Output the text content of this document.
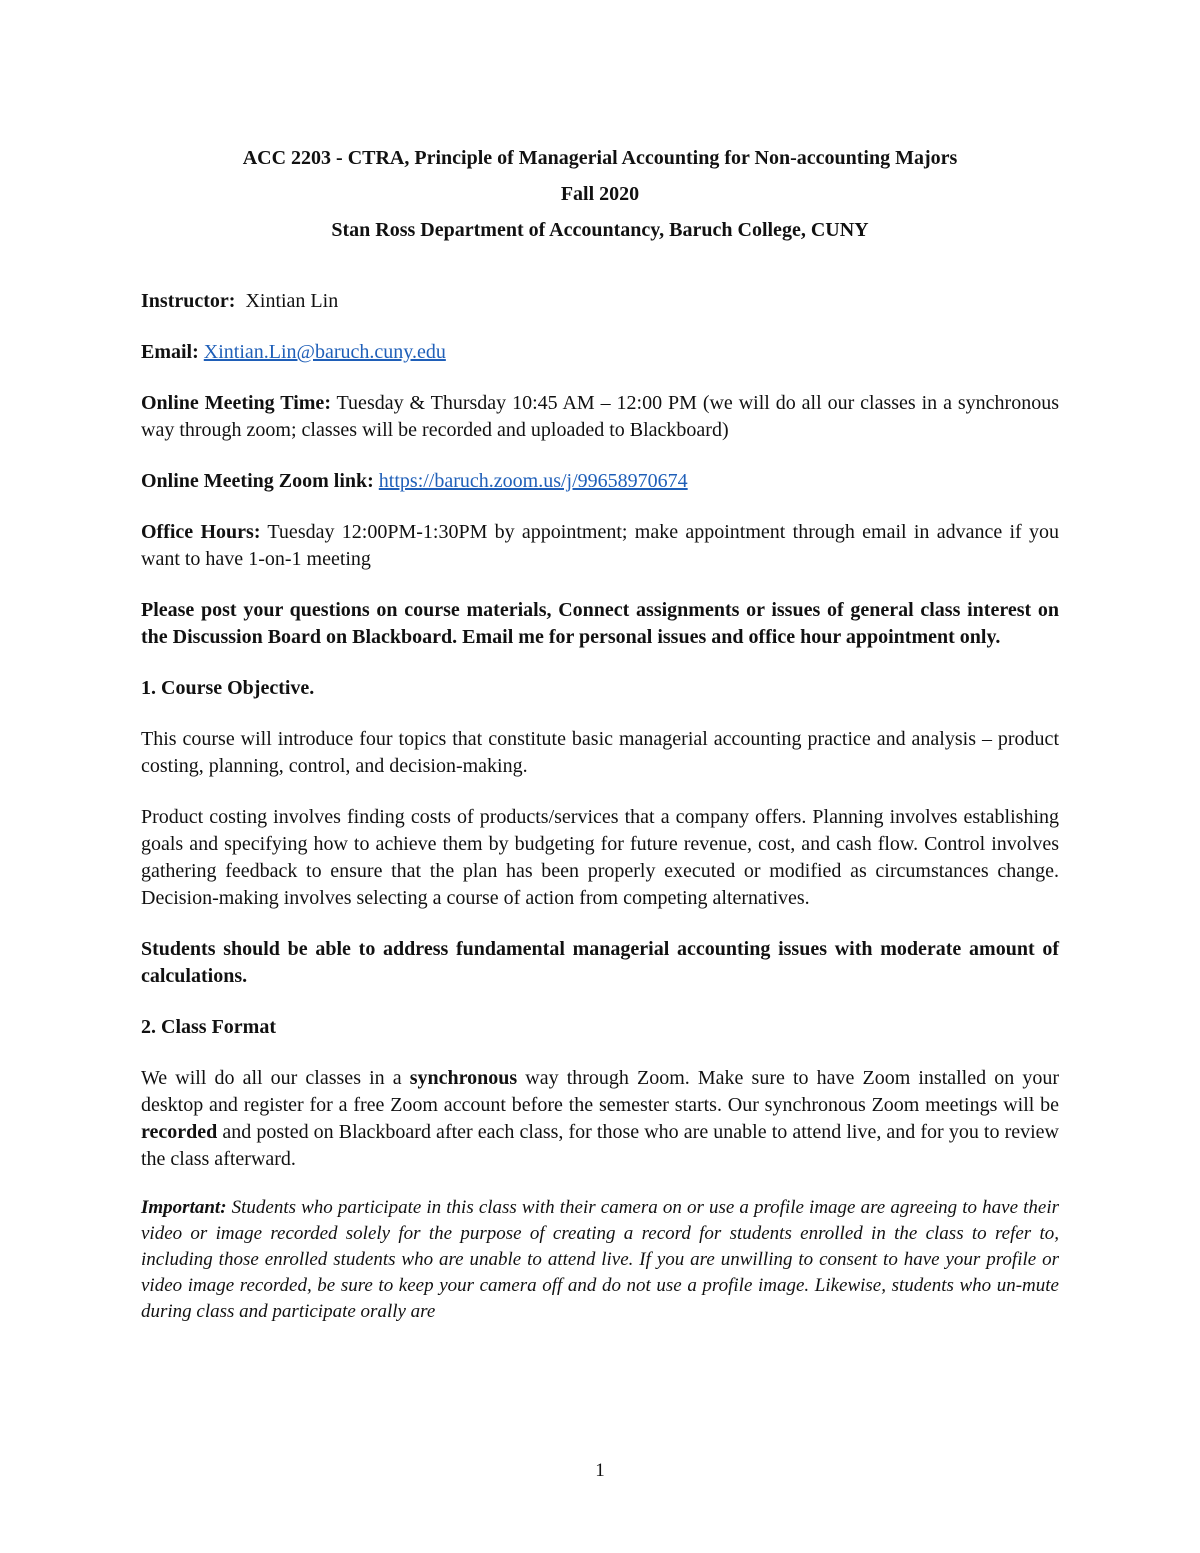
ACC 2203 - CTRA, Principle of Managerial Accounting for Non-accounting Majors
Fall 2020
Stan Ross Department of Accountancy, Baruch College, CUNY

Instructor: Xintian Lin

Email: Xintian.Lin@baruch.cuny.edu

Online Meeting Time: Tuesday & Thursday 10:45 AM – 12:00 PM (we will do all our classes in a synchronous way through zoom; classes will be recorded and uploaded to Blackboard)

Online Meeting Zoom link: https://baruch.zoom.us/j/99658970674

Office Hours: Tuesday 12:00PM-1:30PM by appointment; make appointment through email in advance if you want to have 1-on-1 meeting

Please post your questions on course materials, Connect assignments or issues of general class interest on the Discussion Board on Blackboard. Email me for personal issues and office hour appointment only.

1. Course Objective.

This course will introduce four topics that constitute basic managerial accounting practice and analysis – product costing, planning, control, and decision-making.

Product costing involves finding costs of products/services that a company offers. Planning involves establishing goals and specifying how to achieve them by budgeting for future revenue, cost, and cash flow. Control involves gathering feedback to ensure that the plan has been properly executed or modified as circumstances change. Decision-making involves selecting a course of action from competing alternatives.

Students should be able to address fundamental managerial accounting issues with moderate amount of calculations.

2. Class Format

We will do all our classes in a synchronous way through Zoom. Make sure to have Zoom installed on your desktop and register for a free Zoom account before the semester starts. Our synchronous Zoom meetings will be recorded and posted on Blackboard after each class, for those who are unable to attend live, and for you to review the class afterward.

Important: Students who participate in this class with their camera on or use a profile image are agreeing to have their video or image recorded solely for the purpose of creating a record for students enrolled in the class to refer to, including those enrolled students who are unable to attend live. If you are unwilling to consent to have your profile or video image recorded, be sure to keep your camera off and do not use a profile image. Likewise, students who un-mute during class and participate orally are

1
